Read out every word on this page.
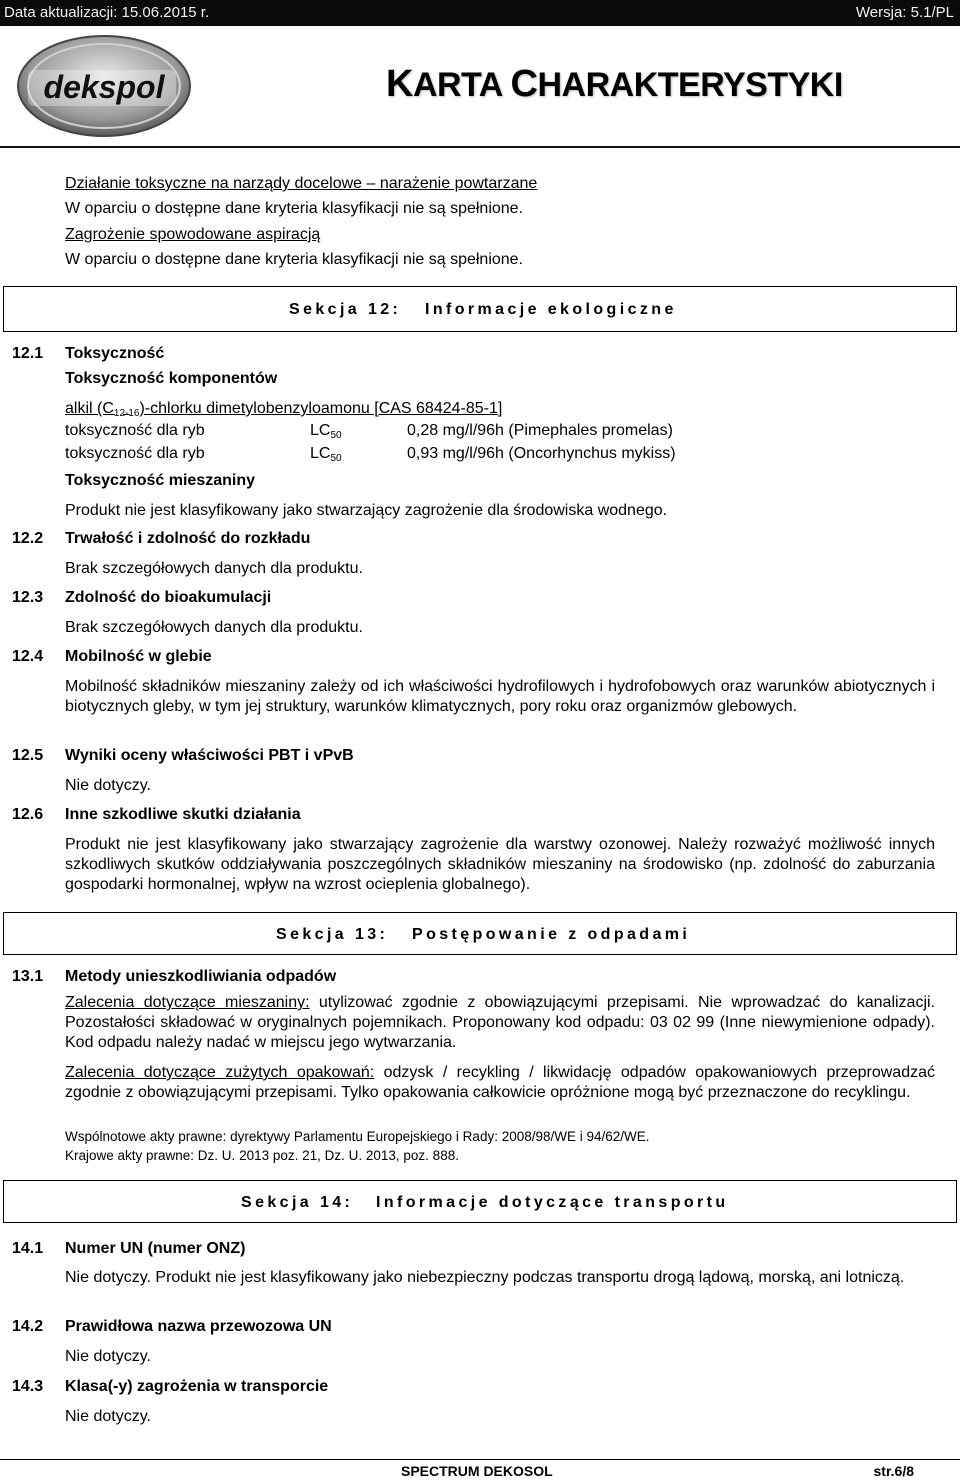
Data aktualizacji: 15.06.2015 r.	Wersja: 5.1/PL
dekspol	KARTA CHARAKTERYSTYKI
Działanie toksyczne na narządy docelowe – narażenie powtarzane
W oparciu o dostępne dane kryteria klasyfikacji nie są spełnione.
Zagrożenie spowodowane aspiracją
W oparciu o dostępne dane kryteria klasyfikacji nie są spełnione.
Sekcja 12: Informacje ekologiczne
12.1 Toksyczność
Toksyczność komponentów
alkil $(C_{12-16})$-chlorku dimetylobenzyloamonu [CAS 68424-85-1]
toksyczność dla ryb	$LC_{50}$	0,28 mg/l/96h (Pimephales promelas)
toksyczność dla ryb	$LC_{50}$	0,93 mg/l/96h (Oncorhynchus mykiss)
Toksyczność mieszaniny
Produkt nie jest klasyfikowany jako stwarzający zagrożenie dla środowiska wodnego.
12.2 Trwałość i zdolność do rozkładu
Brak szczegółowych danych dla produktu.
12.3 Zdolność do bioakumulacji
Brak szczegółowych danych dla produktu.
12.4 Mobilność w glebie
Mobilność składników mieszaniny zależy od ich właściwości hydrofilowych i hydrofobowych oraz warunków abiotycznych i biotycznych gleby, w tym jej struktury, warunków klimatycznych, pory roku oraz organizmów glebowych.
12.5 Wyniki oceny właściwości PBT i vPvB
Nie dotyczy.
12.6 Inne szkodliwe skutki działania
Produkt nie jest klasyfikowany jako stwarzający zagrożenie dla warstwy ozonowej. Należy rozważyć możliwość innych szkodliwych skutków oddziaływania poszczególnych składników mieszaniny na środowisko (np. zdolność do zaburzania gospodarki hormonalnej, wpływ na wzrost ocieplenia globalnego).
Sekcja 13: Postępowanie z odpadami
13.1 Metody unieszkodliwiania odpadów
Zalecenia dotyczące mieszaniny: utylizować zgodnie z obowiązującymi przepisami. Nie wprowadzać do kanalizacji. Pozostałości składować w oryginalnych pojemnikach. Proponowany kod odpadu: 03 02 99 (Inne niewymienione odpady). Kod odpadu należy nadać w miejscu jego wytwarzania.
Zalecenia dotyczące zużytych opakowań: odzysk / recykling / likwidację odpadów opakowaniowych przeprowadzać zgodnie z obowiązującymi przepisami. Tylko opakowania całkowicie opróżnione mogą być przeznaczone do recyklingu.
Wspólnotowe akty prawne: dyrektywy Parlamentu Europejskiego i Rady: 2008/98/WE i 94/62/WE.
Krajowe akty prawne: Dz. U. 2013 poz. 21, Dz. U. 2013, poz. 888.
Sekcja 14: Informacje dotyczące transportu
14.1 Numer UN (numer ONZ)
Nie dotyczy. Produkt nie jest klasyfikowany jako niebezpieczny podczas transportu drogą lądową, morską, ani lotniczą.
14.2 Prawidłowa nazwa przewozowa UN
Nie dotyczy.
14.3 Klasa(-y) zagrożenia w transporcie
Nie dotyczy.
SPECTRUM DEKOSOL	str.6/8
